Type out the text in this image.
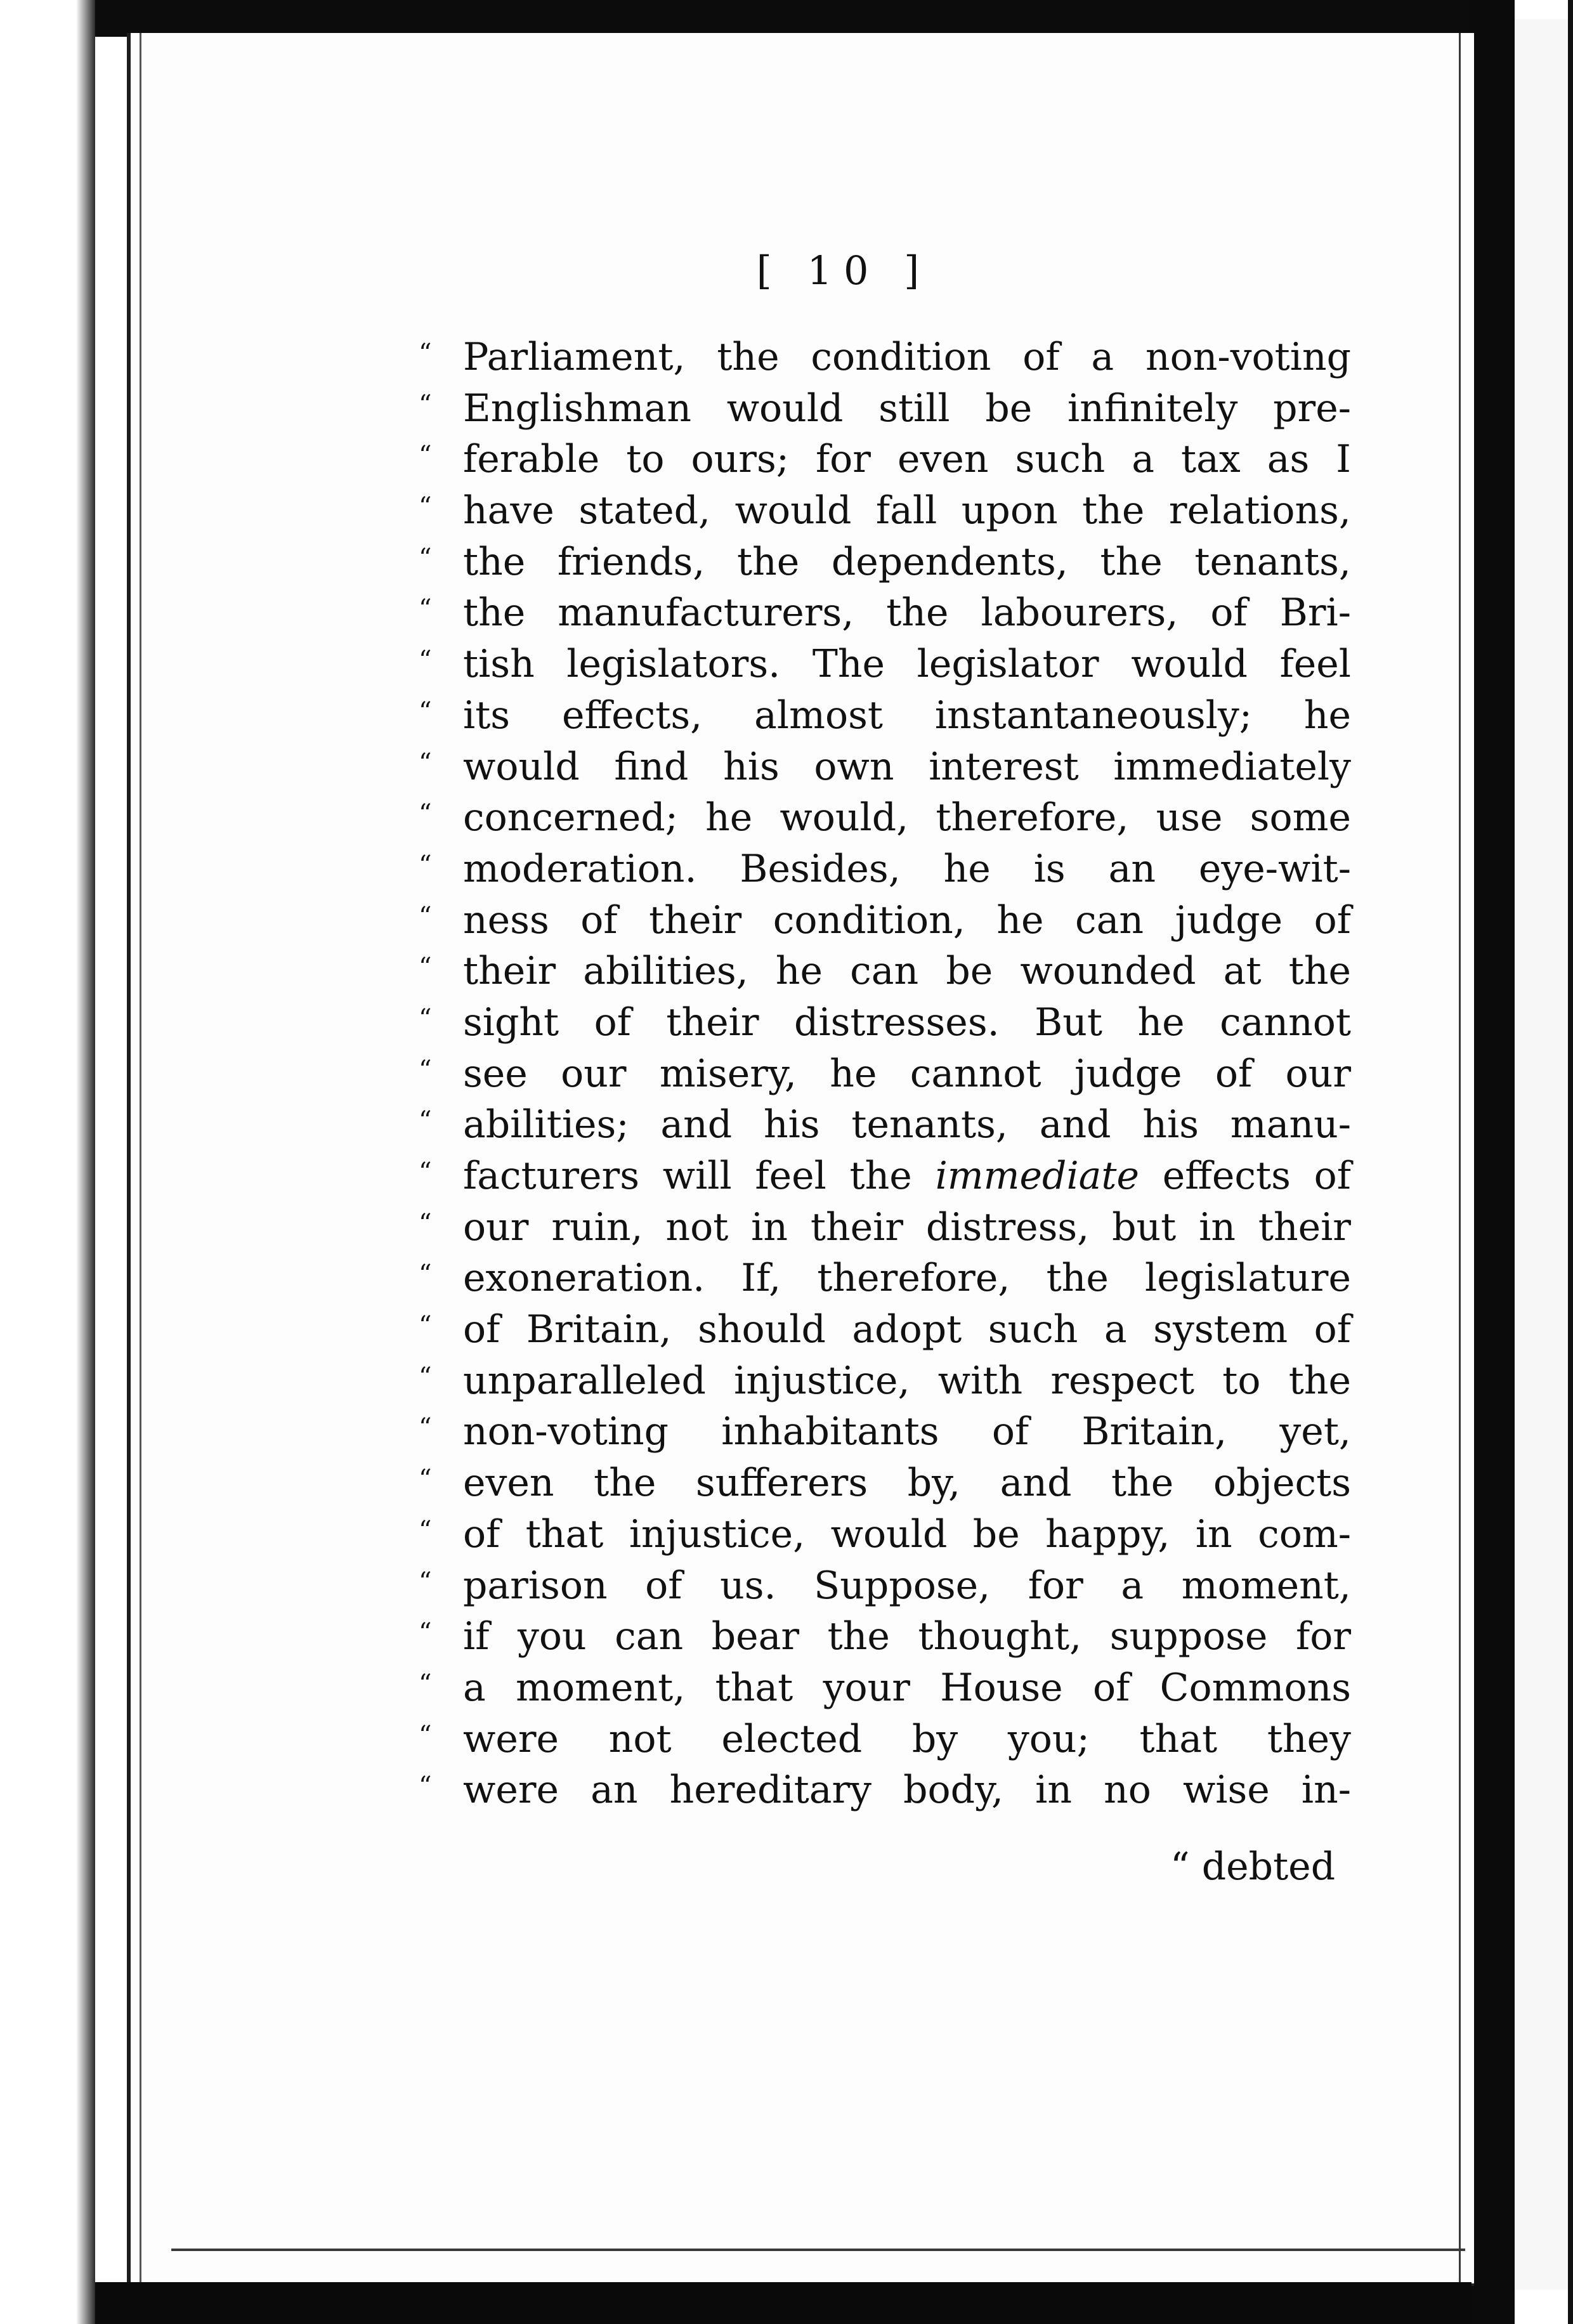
[ 10 ]
“ Parliament, the condition of a non-voting
“ Englishman would still be infinitely pre-
“ ferable to ours; for even such a tax as I
“ have stated, would fall upon the relations,
“ the friends, the dependents, the tenants,
“ the manufacturers, the labourers, of Bri-
“ tish legislators. The legislator would feel
“ its effects, almost instantaneously; he
“ would find his own interest immediately
“ concerned; he would, therefore, use some
“ moderation. Besides, he is an eye-wit-
“ ness of their condition, he can judge of
“ their abilities, he can be wounded at the
“ sight of their distresses. But he cannot
“ see our misery, he cannot judge of our
“ abilities; and his tenants, and his manu-
“ facturers will feel the immediate effects of
“ our ruin, not in their distress, but in their
“ exoneration. If, therefore, the legislature
“ of Britain, should adopt such a system of
“ unparalleled injustice, with respect to the
“ non-voting inhabitants of Britain, yet,
“ even the sufferers by, and the objects
“ of that injustice, would be happy, in com-
“ parison of us. Suppose, for a moment,
“ if you can bear the thought, suppose for
“ a moment, that your House of Commons
“ were not elected by you; that they
“ were an hereditary body, in no wise in-
“ debted
